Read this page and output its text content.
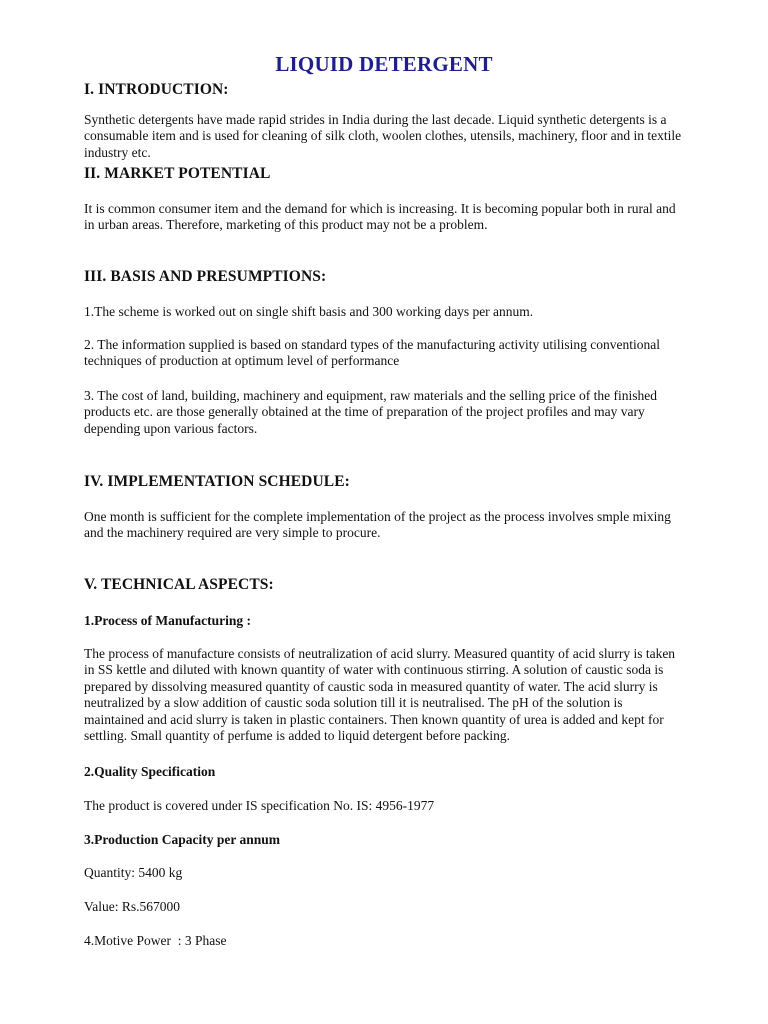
LIQUID DETERGENT
I. INTRODUCTION:

Synthetic detergents have made rapid strides in India during the last decade. Liquid synthetic detergents is a consumable item and is used for cleaning of silk cloth, woolen clothes, utensils, machinery, floor and in textile industry etc.

II. MARKET POTENTIAL

It is common consumer item and the demand for which is increasing. It is becoming popular both in rural and in urban areas. Therefore, marketing of this product may not be a problem.

III. BASIS AND PRESUMPTIONS:

1.The scheme is worked out on single shift basis and 300 working days per annum.

2. The information supplied is based on standard types of the manufacturing activity utilising conventional techniques of production at optimum level of performance

3. The cost of land, building, machinery and equipment, raw materials and the selling price of the finished products etc. are those generally obtained at the time of preparation of the project profiles and may vary depending upon various factors.

IV. IMPLEMENTATION SCHEDULE:

One month is sufficient for the complete implementation of the project as the process involves smple mixing and the machinery required are very simple to procure.

V. TECHNICAL ASPECTS:
1.Process of Manufacturing :

The process of manufacture consists of neutralization of acid slurry. Measured quantity of acid slurry is taken in SS kettle and diluted with known quantity of water with continuous stirring. A solution of caustic soda is prepared by dissolving measured quantity of caustic soda in measured quantity of water. The acid slurry is neutralized by a slow addition of caustic soda solution till it is neutralised. The pH of the solution is maintained and acid slurry is taken in plastic containers. Then known quantity of urea is added and kept for settling. Small quantity of perfume is added to liquid detergent before packing.

2.Quality Specification

The product is covered under IS specification No. IS: 4956-1977

3.Production Capacity per annum

Quantity: 5400 kg

Value: Rs.567000

4.Motive Power  : 3 Phase
